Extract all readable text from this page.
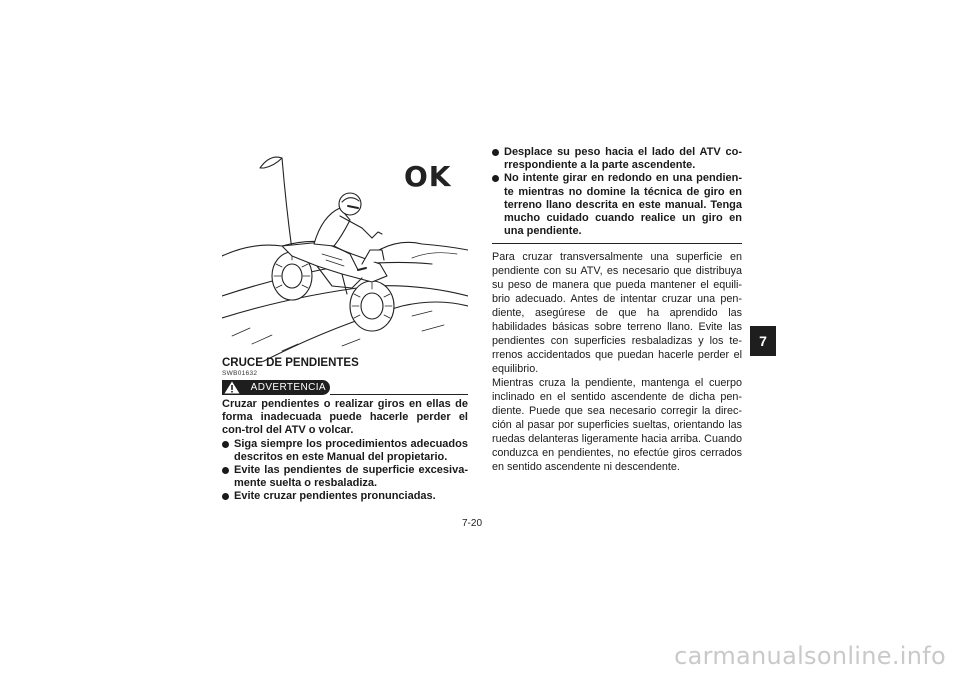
OK

CRUCE DE PENDIENTES

SWB01632

ADVERTENCIA

Cruzar pendientes o realizar giros en ellas de forma inadecuada puede hacerle perder el con-trol del ATV o volcar.

Siga siempre los procedimientos adecuados descritos en este Manual del propietario.
Evite las pendientes de superficie excesiva-mente suelta o resbaladiza.
Evite cruzar pendientes pronunciadas.
Desplace su peso hacia el lado del ATV co-rrespondiente a la parte ascendente.
No intente girar en redondo en una pendien-te mientras no domine la técnica de giro en terreno llano descrita en este manual. Tenga mucho cuidado cuando realice un giro en una pendiente.

Para cruzar transversalmente una superficie en pendiente con su ATV, es necesario que distribuya su peso de manera que pueda mantener el equili-brio adecuado. Antes de intentar cruzar una pen-diente, asegúrese de que ha aprendido las habilidades básicas sobre terreno llano. Evite las pendientes con superficies resbaladizas y los te-rrenos accidentados que puedan hacerle perder el equilibrio.

Mientras cruza la pendiente, mantenga el cuerpo inclinado en el sentido ascendente de dicha pen-diente. Puede que sea necesario corregir la direc-ción al pasar por superficies sueltas, orientando las ruedas delanteras ligeramente hacia arriba. Cuando conduzca en pendientes, no efectúe giros cerrados en sentido ascendente ni descendente.

7
7-20
carmanualsonline.info
